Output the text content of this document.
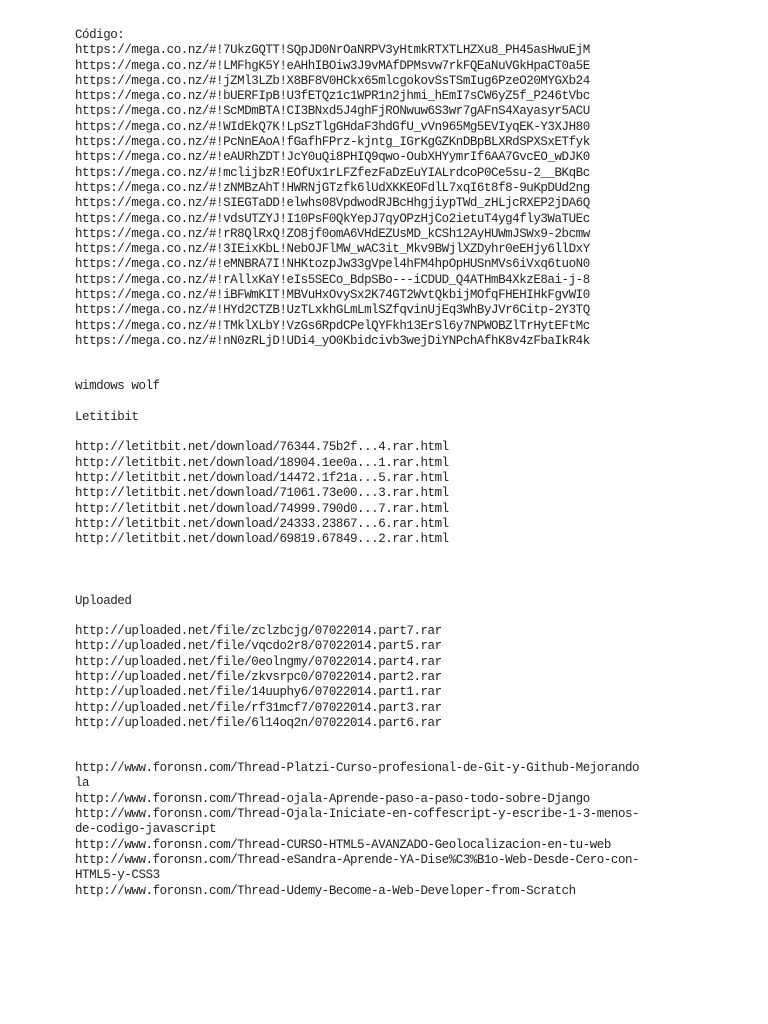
Código:
https://mega.co.nz/#!7UkzGQTT!SQpJD0NrOaNRPV3yHtmkRTXTLHZXu8_PH45asHwuEjM
https://mega.co.nz/#!LMFhgK5Y!eAHhIBOiw3J9vMAfDPMsvw7rkFQEaNuVGkHpaCT0a5E
https://mega.co.nz/#!jZMl3LZb!X8BF8V0HCkx65mlcgokovSsTSmIug6PzeO20MYGXb24
https://mega.co.nz/#!bUERFIpB!U3fETQz1c1WPR1n2jhmi_hEmI7sCW6yZ5f_P246tVbc
https://mega.co.nz/#!ScMDmBTA!CI3BNxd5J4ghFjRONwuw6S3wr7gAFnS4Xayasyr5ACU
https://mega.co.nz/#!WIdEkQ7K!LpSzTlgGHdaF3hdGfU_vVn965Mg5EVIyqEK-Y3XJH80
https://mega.co.nz/#!PcNnEAoA!fGafhFPrz-kjntg_IGrKgGZKnDBpBLXRdSPXSxETfyk
https://mega.co.nz/#!eAURhZDT!JcY0uQi8PHIQ9qwo-OubXHYymrIf6AA7GvcEO_wDJK0
https://mega.co.nz/#!mclijbzR!EOfUx1rLFZfezFaDzEuYIALrdcoP0Ce5su-2__BKqBc
https://mega.co.nz/#!zNMBzAhT!HWRNjGTzfk6lUdXKKEOFdlL7xqI6t8f8-9uKpDUd2ng
https://mega.co.nz/#!SIEGTaDD!elwhs08VpdwodRJBcHhgjiypTWd_zHLjcRXEP2jDA6Q
https://mega.co.nz/#!vdsUTZYJ!I10PsF0QkYepJ7qyOPzHjCo2ietuT4yg4fly3WaTUEc
https://mega.co.nz/#!rR8QlRxQ!ZO8jf0omA6VHdEZUsMD_kCSh12AyHUWmJSWx9-2bcmw
https://mega.co.nz/#!3IEixKbL!NebOJFlMW_wAC3it_Mkv9BWjlXZDyhr0eEHjy6llDxY
https://mega.co.nz/#!eMNBRA7I!NHKtozpJw33gVpel4hFM4hpOpHUSnMVs6iVxq6tuoN0
https://mega.co.nz/#!rAllxKaY!eIs5SECo_BdpSBo---iCDUD_Q4ATHmB4XkzE8ai-j-8
https://mega.co.nz/#!iBFWmKIT!MBVuHxOvySx2K74GT2WvtQkbijMOfqFHEHIHkFgvWI0
https://mega.co.nz/#!HYd2CTZB!UzTLxkhGLmLmlSZfqvinUjEq3WhByJVr6Citp-2Y3TQ
https://mega.co.nz/#!TMklXLbY!VzGs6RpdCPelQYFkh13ErSl6y7NPWOBZlTrHytEFtMc
https://mega.co.nz/#!nN0zRLjD!UDi4_yO0Kbidcivb3wejDiYNPchAfhK8v4zFbaIkR4k
wimdows wolf
Letitibit
http://letitbit.net/download/76344.75b2f...4.rar.html
http://letitbit.net/download/18904.1ee0a...1.rar.html
http://letitbit.net/download/14472.1f21a...5.rar.html
http://letitbit.net/download/71061.73e00...3.rar.html
http://letitbit.net/download/74999.790d0...7.rar.html
http://letitbit.net/download/24333.23867...6.rar.html
http://letitbit.net/download/69819.67849...2.rar.html
Uploaded
http://uploaded.net/file/zclzbcjg/07022014.part7.rar
http://uploaded.net/file/vqcdo2r8/07022014.part5.rar
http://uploaded.net/file/0eolngmy/07022014.part4.rar
http://uploaded.net/file/zkvsrpc0/07022014.part2.rar
http://uploaded.net/file/14uuphy6/07022014.part1.rar
http://uploaded.net/file/rf31mcf7/07022014.part3.rar
http://uploaded.net/file/6l14oq2n/07022014.part6.rar
http://www.foronsn.com/Thread-Platzi-Curso-profesional-de-Git-y-Github-Mejorando
la
http://www.foronsn.com/Thread-ojala-Aprende-paso-a-paso-todo-sobre-Django
http://www.foronsn.com/Thread-Ojala-Iniciate-en-coffescript-y-escribe-1-3-menos-
de-codigo-javascript
http://www.foronsn.com/Thread-CURSO-HTML5-AVANZADO-Geolocalizacion-en-tu-web
http://www.foronsn.com/Thread-eSandra-Aprende-YA-Dise%C3%B1o-Web-Desde-Cero-con-
HTML5-y-CSS3
http://www.foronsn.com/Thread-Udemy-Become-a-Web-Developer-from-Scratch
